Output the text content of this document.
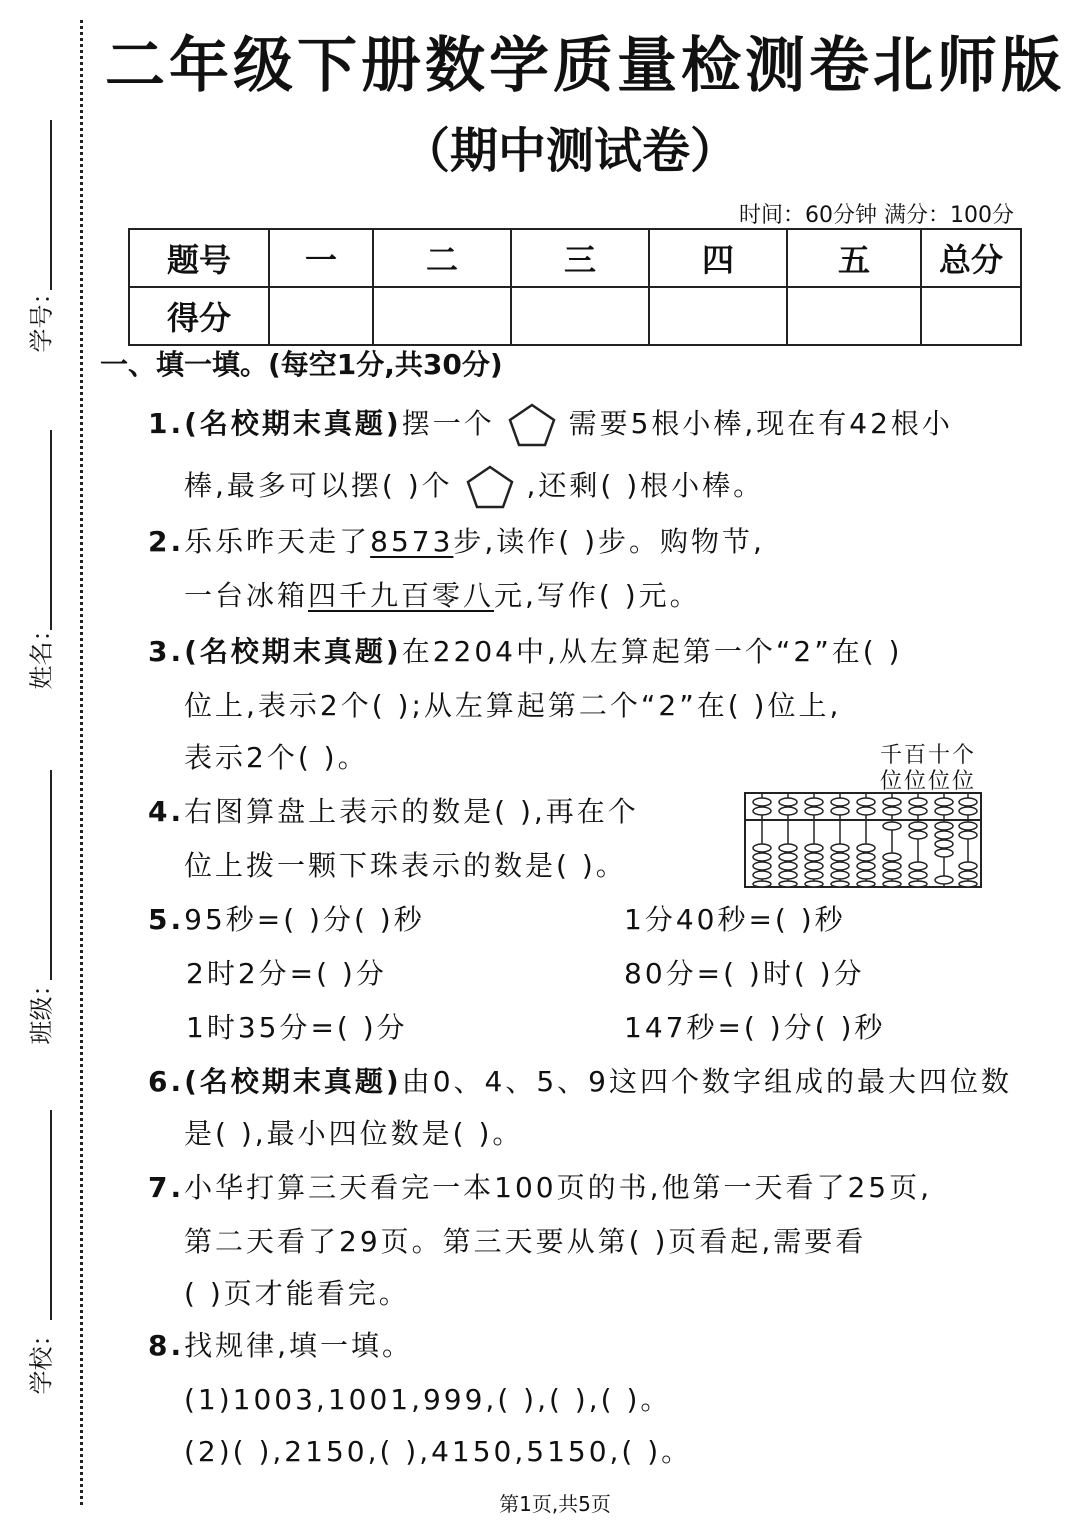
学号：
姓名：
班级：
学校：
二年级下册数学质量检测卷北师版
（期中测试卷）
时间：60分钟 满分：100分
题号	一	二	三	四	五	总分
得分						
一、填一填。(每空1分,共30分)
1.(名校期末真题)摆一个	需要5根小棒,现在有42根小
棒,最多可以摆( )个	,还剩( )根小棒。
2.乐乐昨天走了8573步,读作( )步。购物节,
一台冰箱四千九百零八元,写作( )元。
3.(名校期末真题)在2204中,从左算起第一个“2”在( )
位上,表示2个( );从左算起第二个“2”在( )位上,
表示2个( )。
4.右图算盘上表示的数是( ),再在个
位上拨一颗下珠表示的数是( )。
千百十个
位位位位
5.95秒=( )分( )秒	1分40秒=( )秒
2时2分=( )分	80分=( )时( )分
1时35分=( )分	147秒=( )分( )秒
6.(名校期末真题)由0、4、5、9这四个数字组成的最大四位数
是( ),最小四位数是( )。
7.小华打算三天看完一本100页的书,他第一天看了25页,
第二天看了29页。第三天要从第( )页看起,需要看
( )页才能看完。
8.找规律,填一填。
(1)1003,1001,999,( ),( ),( )。
(2)( ),2150,( ),4150,5150,( )。
第1页,共5页
